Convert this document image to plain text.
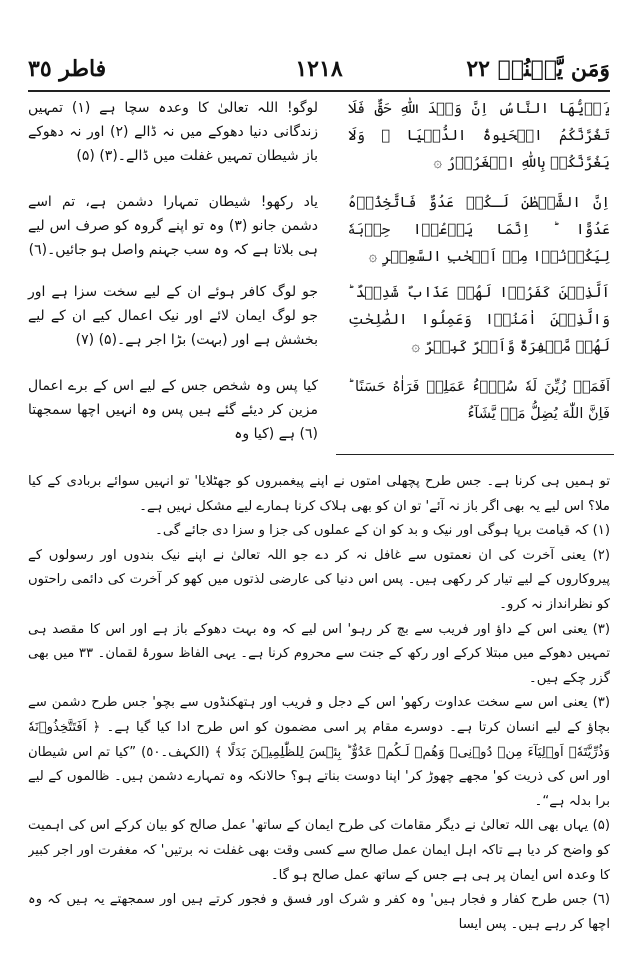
وَمَن يَّقۡنُتۡ ٢٢
١٢١٨
فاطر ٣٥
يَاۤيُّهَا النَّاسُ اِنَّ وَعۡدَ اللّٰهِ حَقٌّ فَلَا تَغُرَّنَّكُمُ الۡحَيٰوةُ الدُّنۡيَا ٝ وَلَا يَغُرَّنَّكُمۡ بِاللّٰهِ الۡغَرُوۡرُ ۞
لوگو! اللہ تعالیٰ کا وعدہ سچا ہے (١) تمہیں زندگانی دنیا دھوکے میں نہ ڈالے (٢) اور نہ دھوکے باز شیطان تمہیں غفلت میں ڈالے۔(٣) (۵)
اِنَّ الشَّيۡطٰنَ لَـكُمۡ عَدُوٌّ فَاتَّخِذُوۡهُ عَدُوًّا ؕ اِنَّمَا يَدۡعُوۡا حِزۡبَهٗ لِيَكُوۡنُوۡا مِنۡ اَصۡحٰبِ السَّعِيۡرِ ۞
یاد رکھو! شیطان تمہارا دشمن ہے، تم اسے دشمن جانو (٣) وہ تو اپنے گروہ کو صرف اس لیے ہی بلاتا ہے کہ وہ سب جہنم واصل ہو جائیں۔(٦)
اَلَّذِيۡنَ كَفَرُوۡا لَهُمۡ عَذَابٌ شَدِيۡدٌ ؕ وَالَّذِيۡنَ اٰمَنُوۡا وَعَمِلُوا الصّٰلِحٰتِ لَهُمۡ مَّغۡفِرَةٌ وَّاَجۡرٌ كَبِيۡرٌ ۞
جو لوگ کافر ہوئے ان کے لیے سخت سزا ہے اور جو لوگ ایمان لائے اور نیک اعمال کیے ان کے لیے بخشش ہے اور (بہت) بڑا اجر ہے۔(۵) (٧)
اَفَمَنۡ زُيِّنَ لَهٗ سُوۡٓءُ عَمَلِهٖ فَرَاٰهُ حَسَنًا ؕ فَاِنَّ اللّٰهَ يُضِلُّ مَنۡ يَّشَآءُ
کیا پس وہ شخص جس کے لیے اس کے برے اعمال مزین کر دیئے گئے ہیں پس وہ انہیں اچھا سمجھتا (٦) ہے (کیا وہ

تو ہمیں ہی کرنا ہے۔ جس طرح پچھلی امتوں نے اپنے پیغمبروں کو جھٹلایا' تو انہیں سوائے بربادی کے کیا ملا؟ اس لیے یہ بھی اگر باز نہ آئے' تو ان کو بھی ہلاک کرنا ہمارے لیے مشکل نہیں ہے۔

(١) کہ قیامت برپا ہوگی اور نیک و بد کو ان کے عملوں کی جزا و سزا دی جائے گی۔

(٢) یعنی آخرت کی ان نعمتوں سے غافل نہ کر دے جو اللہ تعالیٰ نے اپنے نیک بندوں اور رسولوں کے پیروکاروں کے لیے تیار کر رکھی ہیں۔ پس اس دنیا کی عارضی لذتوں میں کھو کر آخرت کی دائمی راحتوں کو نظرانداز نہ کرو۔

(٣) یعنی اس کے داؤ اور فریب سے بچ کر رہو' اس لیے کہ وہ بہت دھوکے باز ہے اور اس کا مقصد ہی تمہیں دھوکے میں مبتلا کرکے اور رکھ کے جنت سے محروم کرنا ہے۔ یہی الفاظ سورۂ لقمان۔ ٣٣ میں بھی گزر چکے ہیں۔

(٣) یعنی اس سے سخت عداوت رکھو' اس کے دجل و فریب اور ہتھکنڈوں سے بچو' جس طرح دشمن سے بچاؤ کے لیے انسان کرتا ہے۔ دوسرے مقام پر اسی مضمون کو اس طرح ادا کیا گیا ہے۔ ﴿ اَفَتَتَّخِذُوۡنَهٗ وَذُرِّيَّتَهٗۤ اَوۡلِيَآءَ مِنۡ دُوۡنِىۡ وَهُمۡ لَـكُمۡ عَدُوٌّ ؕ بِئۡسَ لِلظّٰلِمِيۡنَ بَدَلًا ﴾ (الکہف۔٥٠) ”کیا تم اس شیطان اور اس کی ذریت کو' مجھے چھوڑ کر' اپنا دوست بناتے ہو؟ حالانکہ وہ تمہارے دشمن ہیں۔ ظالموں کے لیے برا بدلہ ہے“۔

(۵) یہاں بھی اللہ تعالیٰ نے دیگر مقامات کی طرح ایمان کے ساتھ' عمل صالح کو بیان کرکے اس کی اہمیت کو واضح کر دیا ہے تاکہ اہل ایمان عمل صالح سے کسی وقت بھی غفلت نہ برتیں' کہ مغفرت اور اجر کبیر کا وعدہ اس ایمان پر ہی ہے جس کے ساتھ عمل صالح ہو گا۔

(٦) جس طرح کفار و فجار ہیں' وہ کفر و شرک اور فسق و فجور کرتے ہیں اور سمجھتے یہ ہیں کہ وہ اچھا کر رہے ہیں۔ پس ایسا
